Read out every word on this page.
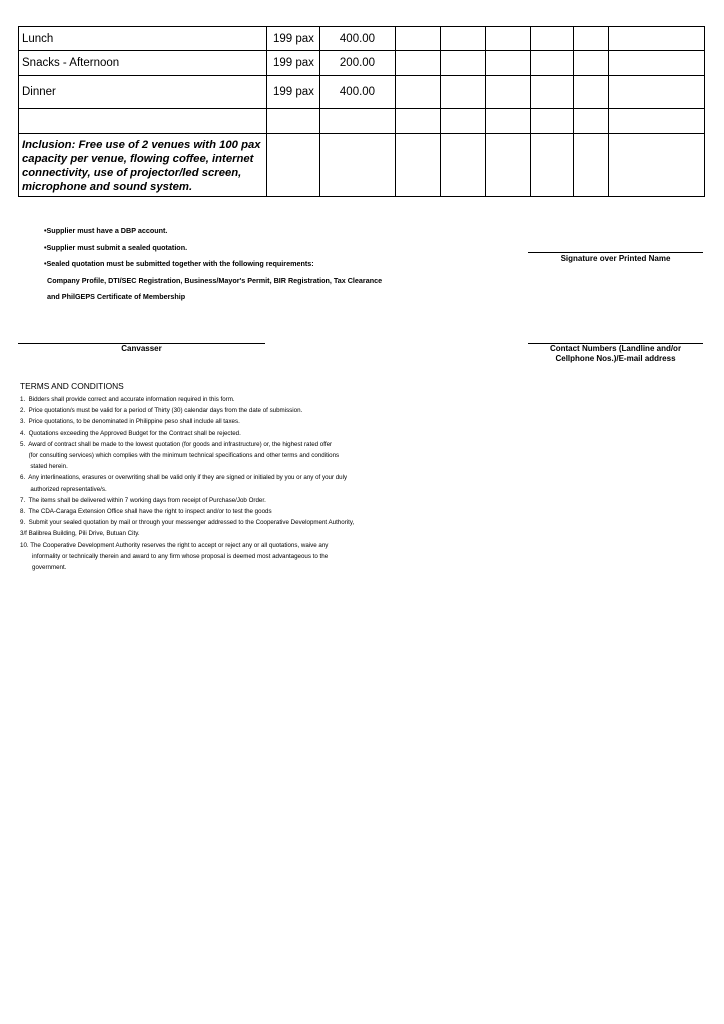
Lunch	199 pax	400.00						
Snacks - Afternoon	199 pax	200.00						
Dinner	199 pax	400.00						

Inclusion: Free use of 2 venues with 100 pax capacity per venue, flowing coffee, internet connectivity, use of projector/led screen, microphone and sound system.								
•Supplier must have a DBP account.
•Supplier must submit a sealed quotation.
•Sealed quotation must be submitted together with the following requirements:
Company Profile, DTI/SEC Registration, Business/Mayor's Permit, BIR Registration, Tax Clearance
and PhilGEPS Certificate of Membership
Signature over Printed Name
Canvasser	Contact Numbers (Landline and/or
Cellphone Nos.)/E-mail address
TERMS AND CONDITIONS
1.  Bidders shall provide correct and accurate information required in this form.
2.  Price quotation/s must be valid for a period of Thirty (30) calendar days from the date of submission.
3.  Price quotations, to be denominated in Philippine peso shall include all taxes.
4.  Quotations exceeding the Approved Budget for the Contract shall be rejected.
5.  Award of contract shall be made to the lowest quotation (for goods and infrastructure) or, the highest rated offer
(for consulting services) which complies with the minimum technical specifications and other terms and conditions
stated herein.
6.  Any interlineations, erasures or overwriting shall be valid only if they are signed or initialed by you or any of your duly
authorized representative/s.
7.  The items shall be delivered within 7 working days from receipt of Purchase/Job Order.
8.  The CDA-Caraga Extension Office shall have the right to inspect and/or to test the goods
9.  Submit your sealed quotation by mail or through your messenger addressed to the Cooperative Development Authority,
3/f Balibrea Building, Pili Drive, Butuan City.
10. The Cooperative Development Authority reserves the right to accept or reject any or all quotations, waive any
informality or technically therein and award to any firm whose proposal is deemed most advantageous to the
government.
